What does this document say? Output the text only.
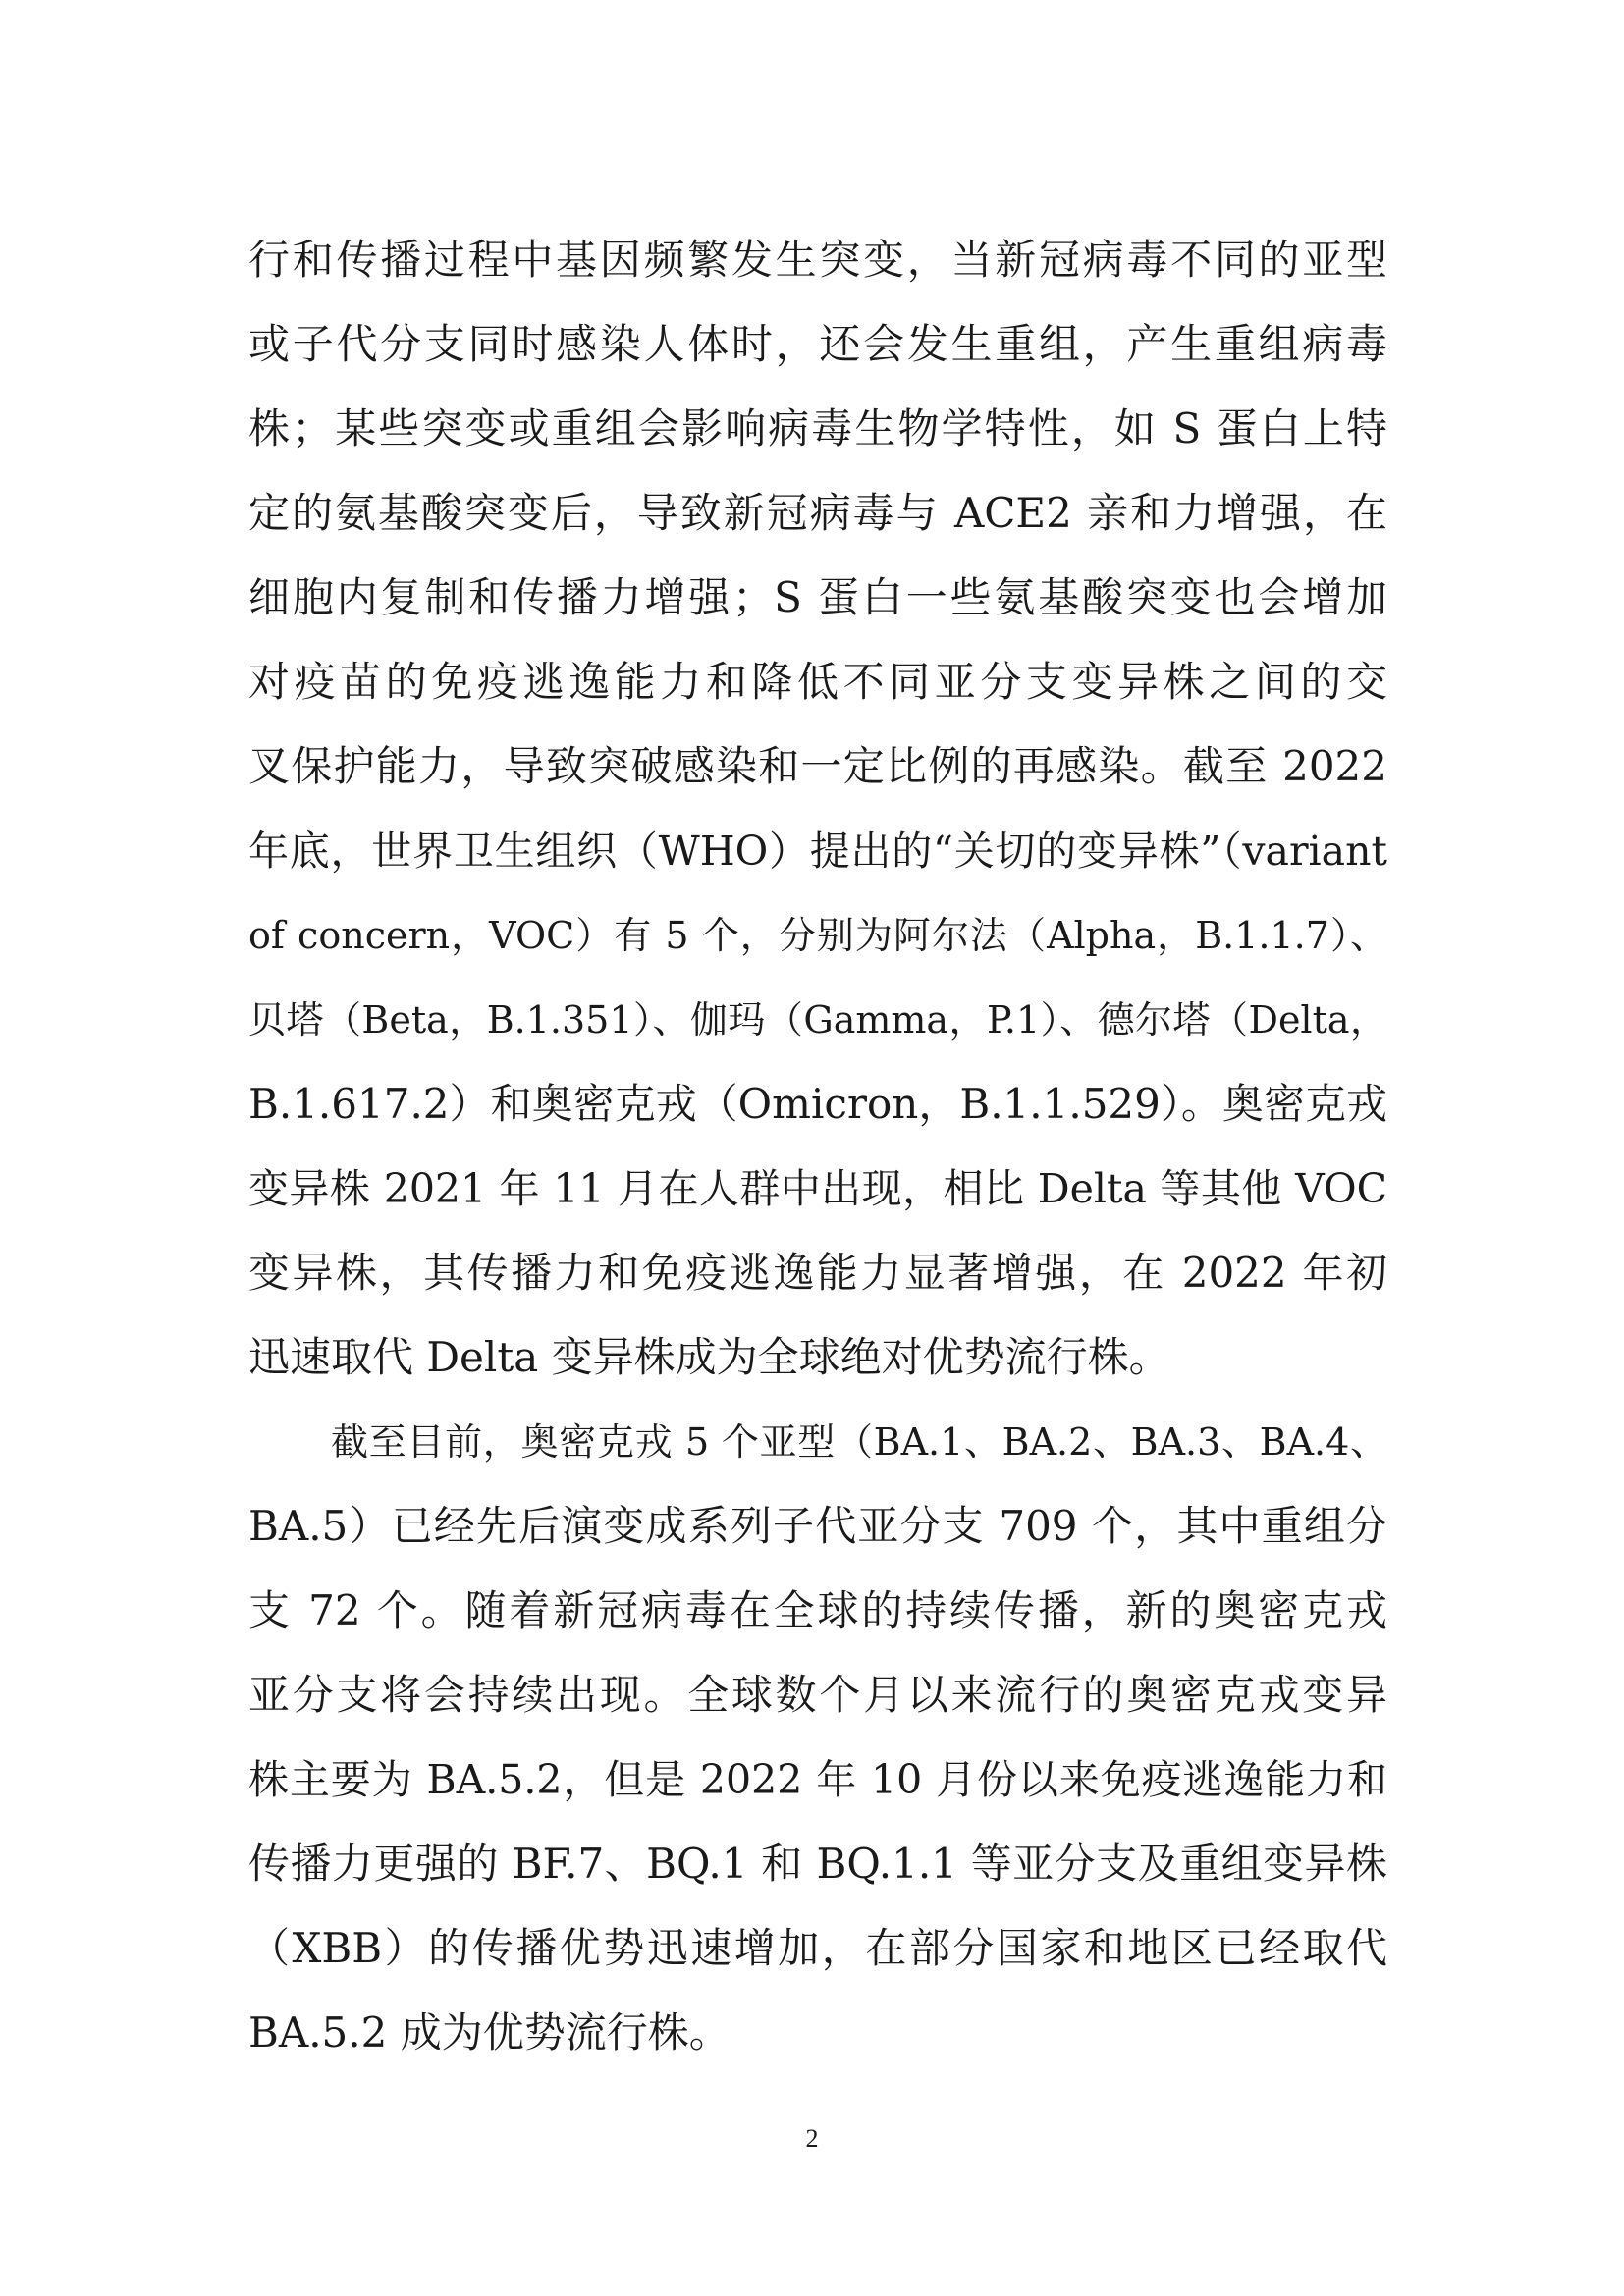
行和传播过程中基因频繁发生突变，当新冠病毒不同的亚型
或子代分支同时感染人体时，还会发生重组，产生重组病毒
株；某些突变或重组会影响病毒生物学特性，如 S 蛋白上特
定的氨基酸突变后，导致新冠病毒与 ACE2 亲和力增强，在
细胞内复制和传播力增强；S 蛋白一些氨基酸突变也会增加
对疫苗的免疫逃逸能力和降低不同亚分支变异株之间的交
叉保护能力，导致突破感染和一定比例的再感染。截至 2022
年底，世界卫生组织（WHO）提出的“关切的变异株”（variant
of concern，VOC）有 5 个，分别为阿尔法（Alpha，B.1.1.7）、
贝塔（Beta，B.1.351）、伽玛（Gamma，P.1）、德尔塔（Delta，
B.1.617.2）和奥密克戎（Omicron，B.1.1.529）。奥密克戎
变异株 2021 年 11 月在人群中出现，相比 Delta 等其他 VOC
变异株，其传播力和免疫逃逸能力显著增强，在 2022 年初
迅速取代 Delta 变异株成为全球绝对优势流行株。
截至目前，奥密克戎 5 个亚型（BA.1、BA.2、BA.3、BA.4、
BA.5）已经先后演变成系列子代亚分支 709 个，其中重组分
支 72 个。随着新冠病毒在全球的持续传播，新的奥密克戎
亚分支将会持续出现。全球数个月以来流行的奥密克戎变异
株主要为 BA.5.2，但是 2022 年 10 月份以来免疫逃逸能力和
传播力更强的 BF.7、BQ.1 和 BQ.1.1 等亚分支及重组变异株
（XBB）的传播优势迅速增加，在部分国家和地区已经取代
BA.5.2 成为优势流行株。
2
